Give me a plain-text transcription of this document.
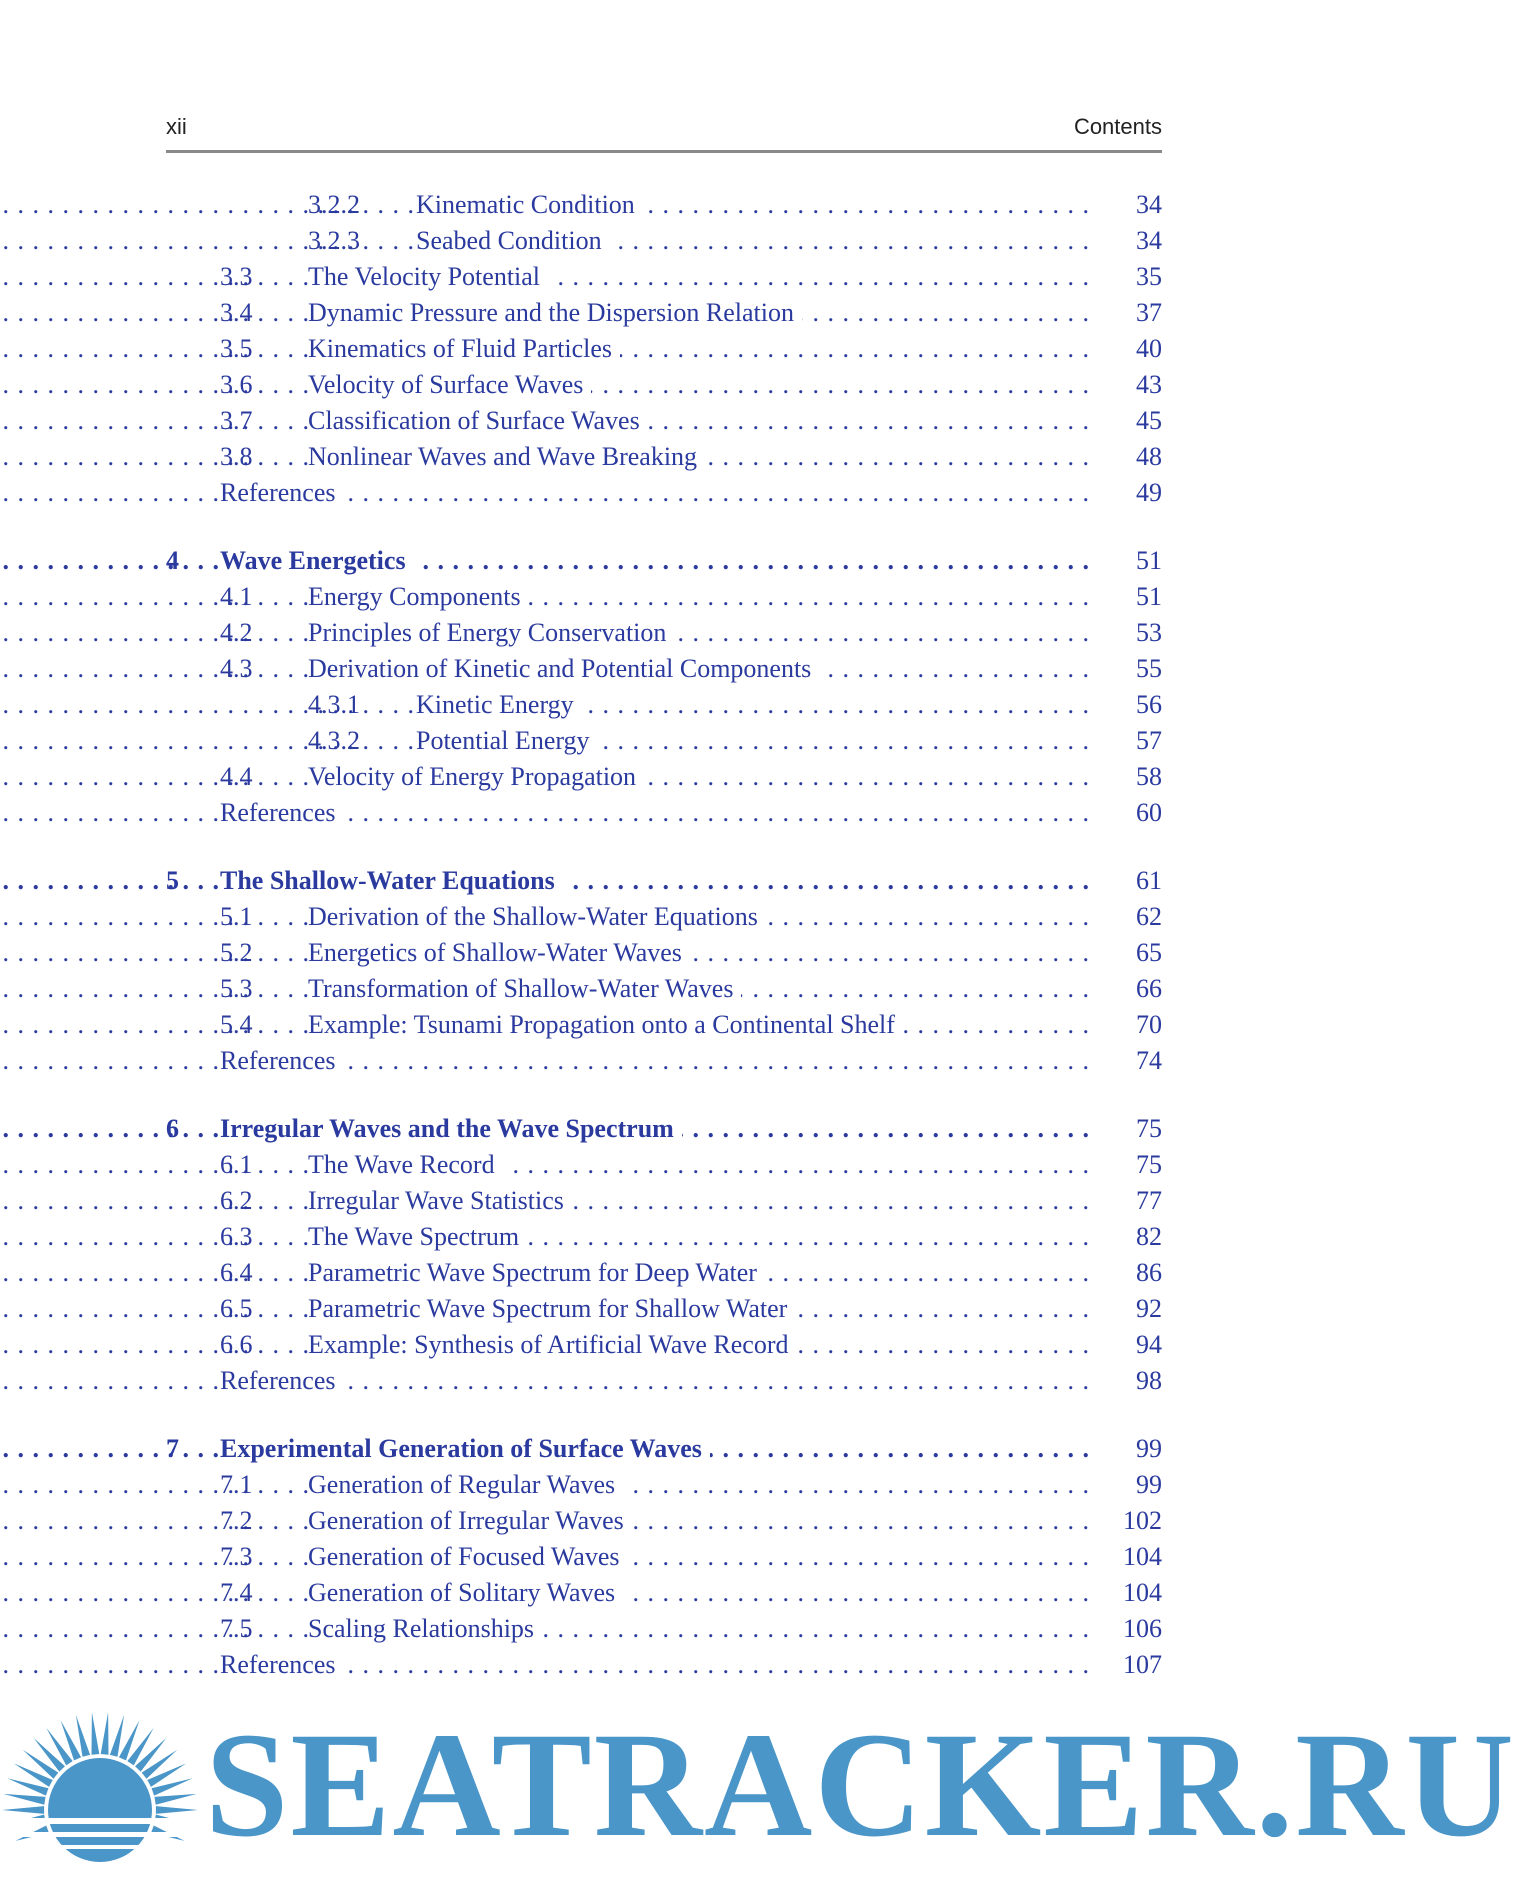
xii	Contents
3.2.2 Kinematic Condition . . .	34
3.2.3 Seabed Condition . . .	34
3.3 The Velocity Potential . . .	35
3.4 Dynamic Pressure and the Dispersion Relation . . .	37
3.5 Kinematics of Fluid Particles . . .	40
3.6 Velocity of Surface Waves . . .	43
3.7 Classification of Surface Waves . . .	45
3.8 Nonlinear Waves and Wave Breaking . . .	48
References . . .	49
4 Wave Energetics . . .	51
4.1 Energy Components . . .	51
4.2 Principles of Energy Conservation . . .	53
4.3 Derivation of Kinetic and Potential Components . . .	55
4.3.1 Kinetic Energy . . .	56
4.3.2 Potential Energy . . .	57
4.4 Velocity of Energy Propagation . . .	58
References . . .	60
5 The Shallow-Water Equations . . .	61
5.1 Derivation of the Shallow-Water Equations . . .	62
5.2 Energetics of Shallow-Water Waves . . .	65
5.3 Transformation of Shallow-Water Waves . . .	66
5.4 Example: Tsunami Propagation onto a Continental Shelf . . .	70
References . . .	74
6 Irregular Waves and the Wave Spectrum . . .	75
6.1 The Wave Record . . .	75
6.2 Irregular Wave Statistics . . .	77
6.3 The Wave Spectrum . . .	82
6.4 Parametric Wave Spectrum for Deep Water . . .	86
6.5 Parametric Wave Spectrum for Shallow Water . . .	92
6.6 Example: Synthesis of Artificial Wave Record . . .	94
References . . .	98
7 Experimental Generation of Surface Waves . . .	99
7.1 Generation of Regular Waves . . .	99
7.2 Generation of Irregular Waves . . .	102
7.3 Generation of Focused Waves . . .	104
7.4 Generation of Solitary Waves . . .	104
7.5 Scaling Relationships . . .	106
References . . .	107
SEATRACKER.RU
